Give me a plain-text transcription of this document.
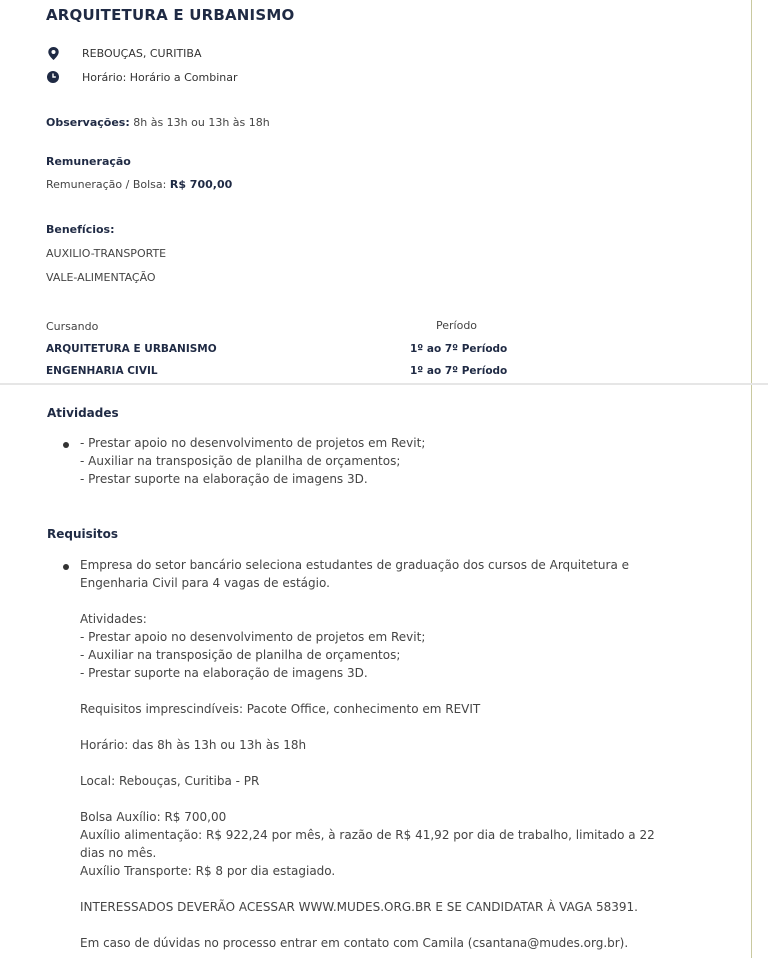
ARQUITETURA E URBANISMO
REBOUÇAS, CURITIBA
Horário: Horário a Combinar
Observações: 8h às 13h ou 13h às 18h
Remuneração
Remuneração / Bolsa: R$ 700,00
Benefícios:
AUXILIO-TRANSPORTE
VALE-ALIMENTAÇÃO
Cursando	Período
ARQUITETURA E URBANISMO	1º ao 7º Período
ENGENHARIA CIVIL	1º ao 7º Período
Atividades
- Prestar apoio no desenvolvimento de projetos em Revit;
- Auxiliar na transposição de planilha de orçamentos;
- Prestar suporte na elaboração de imagens 3D.
Requisitos
Empresa do setor bancário seleciona estudantes de graduação dos cursos de Arquitetura e
Engenharia Civil para 4 vagas de estágio.
Atividades:
- Prestar apoio no desenvolvimento de projetos em Revit;
- Auxiliar na transposição de planilha de orçamentos;
- Prestar suporte na elaboração de imagens 3D.
Requisitos imprescindíveis: Pacote Office, conhecimento em REVIT
Horário: das 8h às 13h ou 13h às 18h
Local: Rebouças, Curitiba - PR
Bolsa Auxílio: R$ 700,00
Auxílio alimentação: R$ 922,24 por mês, à razão de R$ 41,92 por dia de trabalho, limitado a 22
dias no mês.
Auxílio Transporte: R$ 8 por dia estagiado.
INTERESSADOS DEVERÃO ACESSAR WWW.MUDES.ORG.BR E SE CANDIDATAR À VAGA 58391.
Em caso de dúvidas no processo entrar em contato com Camila (csantana@mudes.org.br).
